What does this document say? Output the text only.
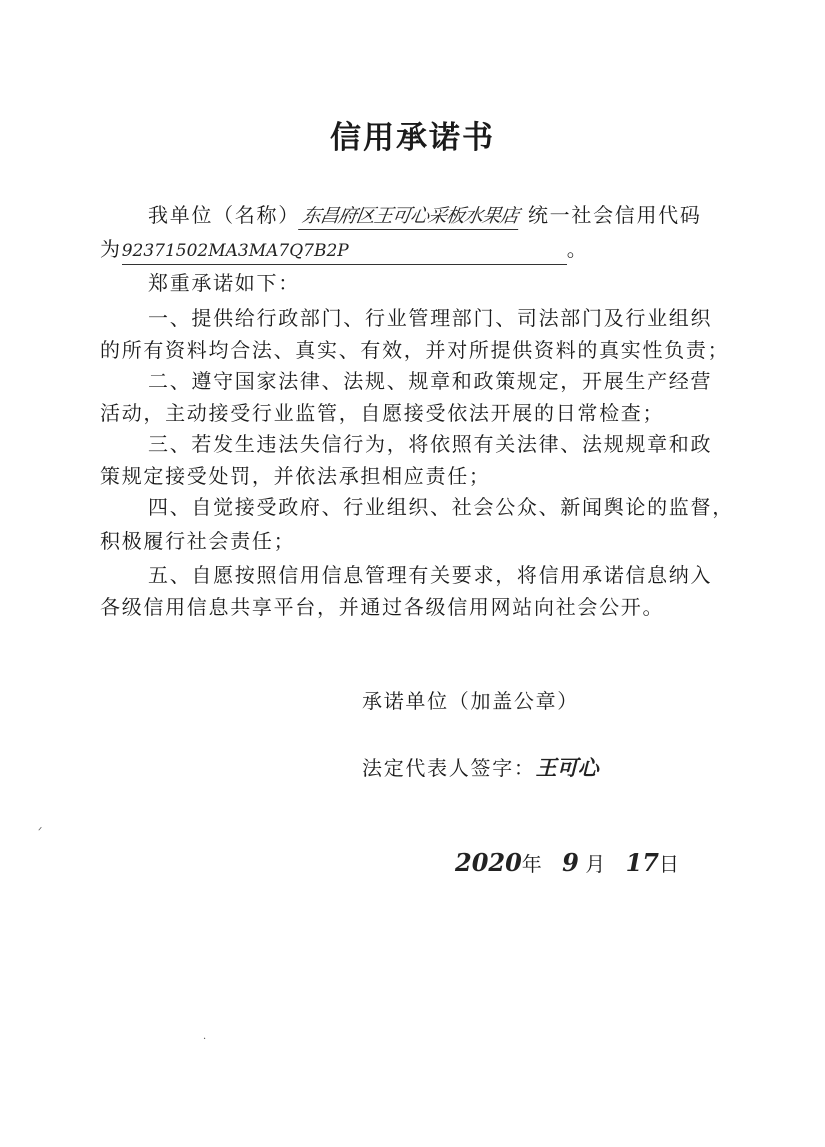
信用承诺书
我单位（名称）东昌府区王可心采板水果店 统一社会信用代码
为92371502MA3MA7Q7B2P	。
郑重承诺如下：
一、提供给行政部门、行业管理部门、司法部门及行业组织
的所有资料均合法、真实、有效，并对所提供资料的真实性负责；
二、遵守国家法律、法规、规章和政策规定，开展生产经营
活动，主动接受行业监管，自愿接受依法开展的日常检查；
三、若发生违法失信行为，将依照有关法律、法规规章和政
策规定接受处罚，并依法承担相应责任；
四、自觉接受政府、行业组织、社会公众、新闻舆论的监督，
积极履行社会责任；
五、自愿按照信用信息管理有关要求，将信用承诺信息纳入
各级信用信息共享平台，并通过各级信用网站向社会公开。
承诺单位（加盖公章）
法定代表人签字：王可心
2020年 9 月 17日
ᐟ
·
